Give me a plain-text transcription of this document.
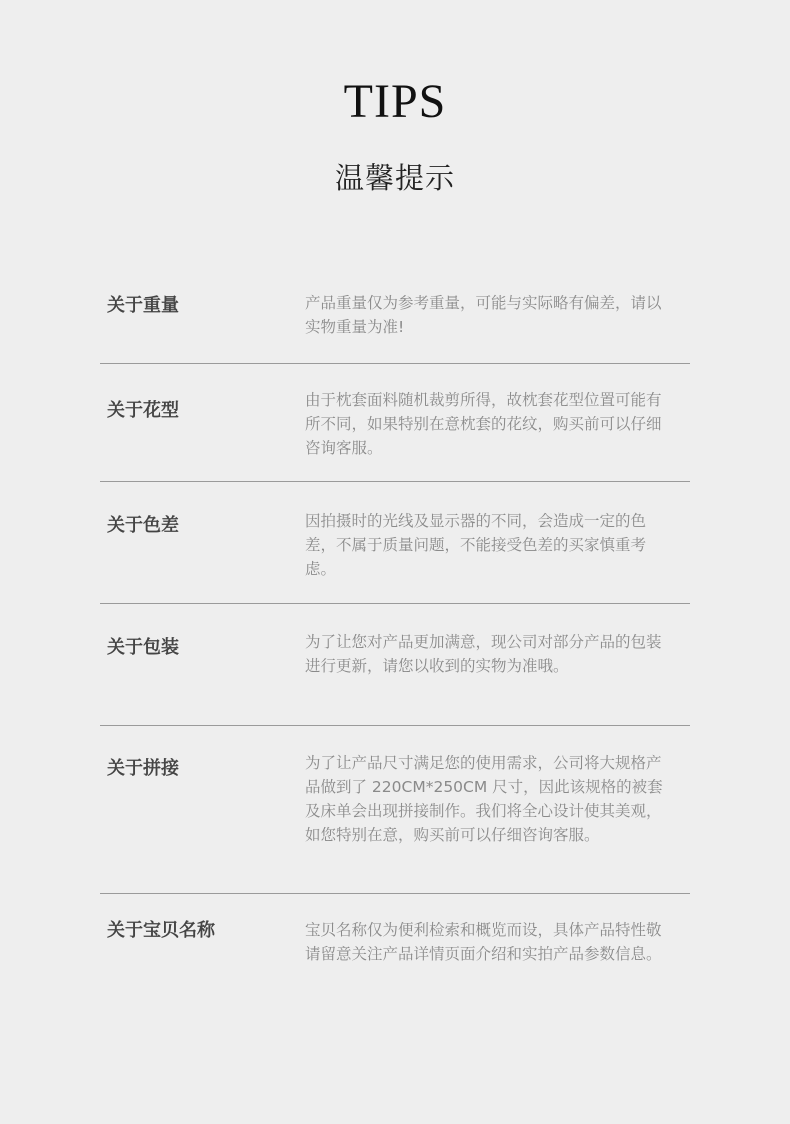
TIPS
温馨提示
关于重量	产品重量仅为参考重量，可能与实际略有偏差，请以实物重量为准!
关于花型	由于枕套面料随机裁剪所得，故枕套花型位置可能有所不同，如果特别在意枕套的花纹，购买前可以仔细咨询客服。
关于色差	因拍摄时的光线及显示器的不同，会造成一定的色差，不属于质量问题，不能接受色差的买家慎重考虑。
关于包装	为了让您对产品更加满意，现公司对部分产品的包装进行更新，请您以收到的实物为准哦。
关于拼接	为了让产品尺寸满足您的使用需求，公司将大规格产品做到了 220CM*250CM 尺寸，因此该规格的被套及床单会出现拼接制作。我们将全心设计使其美观，如您特别在意，购买前可以仔细咨询客服。
关于宝贝名称	宝贝名称仅为便利检索和概览而设，具体产品特性敬请留意关注产品详情页面介绍和实拍产品参数信息。
